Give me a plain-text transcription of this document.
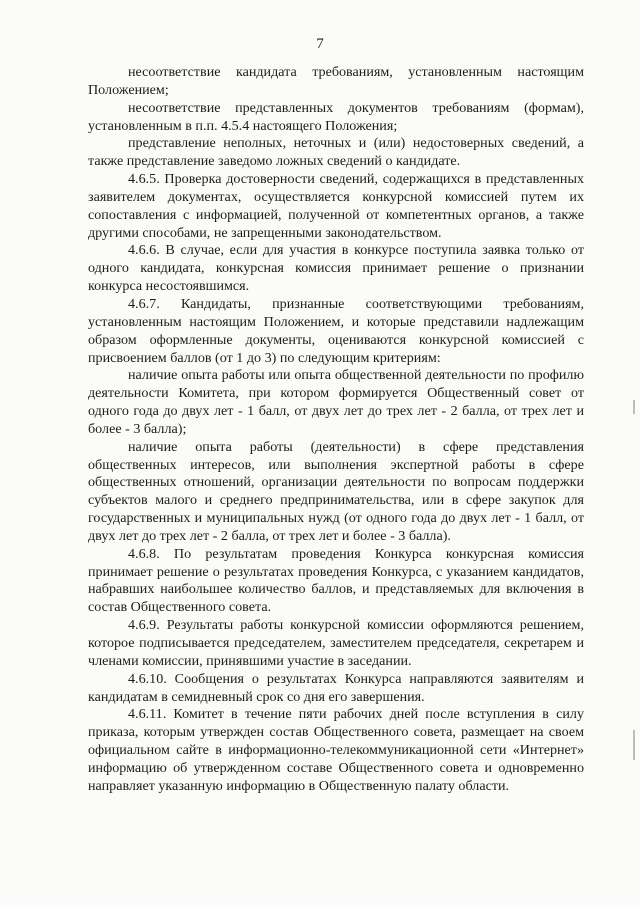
7

несоответствие кандидата требованиям, установленным настоящим Положением;

несоответствие представленных документов требованиям (формам), установленным в п.п. 4.5.4 настоящего Положения;

представление неполных, неточных и (или) недостоверных сведений, а также представление заведомо ложных сведений о кандидате.

4.6.5. Проверка достоверности сведений, содержащихся в представленных заявителем документах, осуществляется конкурсной комиссией путем их сопоставления с информацией, полученной от компетентных органов, а также другими способами, не запрещенными законодательством.

4.6.6. В случае, если для участия в конкурсе поступила заявка только от одного кандидата, конкурсная комиссия принимает решение о признании конкурса несостоявшимся.

4.6.7. Кандидаты, признанные соответствующими требованиям, установленным настоящим Положением, и которые представили надлежащим образом оформленные документы, оцениваются конкурсной комиссией с присвоением баллов (от 1 до 3) по следующим критериям:

наличие опыта работы или опыта общественной деятельности по профилю деятельности Комитета, при котором формируется Общественный совет от одного года до двух лет - 1 балл, от двух лет до трех лет - 2 балла, от трех лет и более - 3 балла);

наличие опыта работы (деятельности) в сфере представления общественных интересов, или выполнения экспертной работы в сфере общественных отношений, организации деятельности по вопросам поддержки субъектов малого и среднего предпринимательства, или в сфере закупок для государственных и муниципальных нужд (от одного года до двух лет - 1 балл, от двух лет до трех лет - 2 балла, от трех лет и более - 3 балла).

4.6.8. По результатам проведения Конкурса конкурсная комиссия принимает решение о результатах проведения Конкурса, с указанием кандидатов, набравших наибольшее количество баллов, и представляемых для включения в состав Общественного совета.

4.6.9. Результаты работы конкурсной комиссии оформляются решением, которое подписывается председателем, заместителем председателя, секретарем и членами комиссии, принявшими участие в заседании.

4.6.10. Сообщения о результатах Конкурса направляются заявителям и кандидатам в семидневный срок со дня его завершения.

4.6.11. Комитет в течение пяти рабочих дней после вступления в силу приказа, которым утвержден состав Общественного совета, размещает на своем официальном сайте в информационно-телекоммуникационной сети «Интернет» информацию об утвержденном составе Общественного совета и одновременно направляет указанную информацию в Общественную палату области.
